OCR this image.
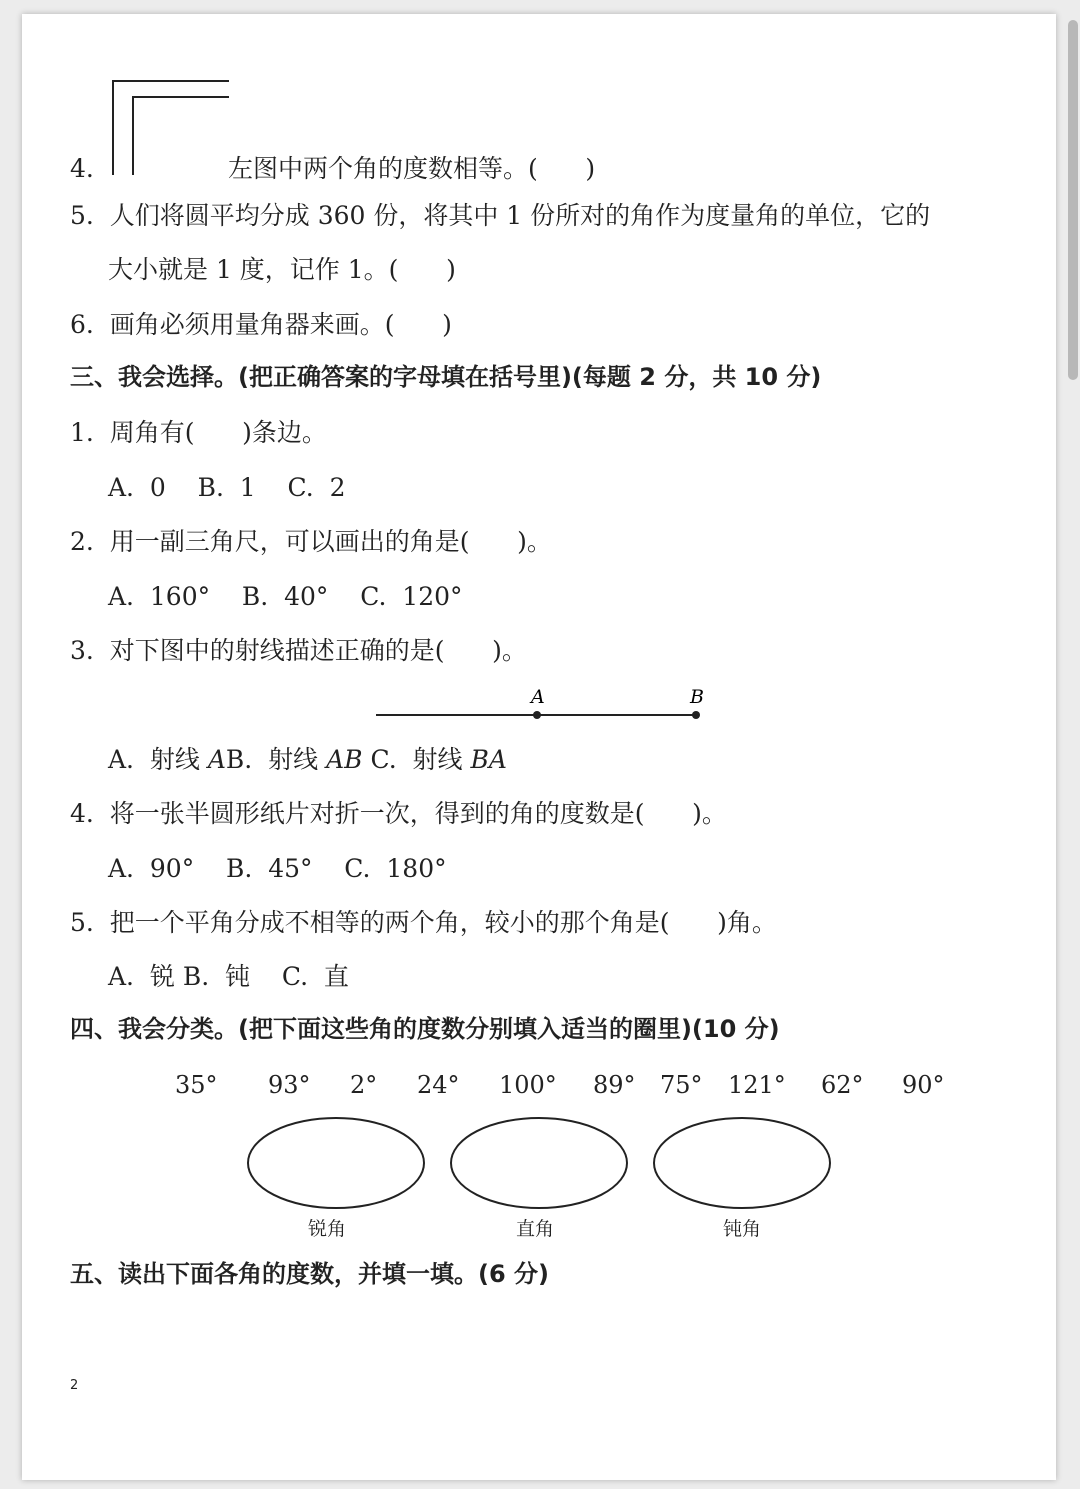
4.	左图中两个角的度数相等。(      )
5.  人们将圆平均分成 360 份，将其中 1 份所对的角作为度量角的单位，它的
大小就是 1 度，记作 1。(      )
6.  画角必须用量角器来画。(      )
三、我会选择。(把正确答案的字母填在括号里)(每题 2 分，共 10 分)
1.  周角有(      )条边。
A.  0    B.  1    C.  2
2.  用一副三角尺，可以画出的角是(      )。
A.  160°    B.  40°    C.  120°
3.  对下图中的射线描述正确的是(      )。
A	B
A.  射线 AB.  射线 AB C.  射线 BA
4.  将一张半圆形纸片对折一次，得到的角的度数是(      )。
A.  90°    B.  45°    C.  180°
5.  把一个平角分成不相等的两个角，较小的那个角是(      )角。
A.  锐 B.  钝    C.  直
四、我会分类。(把下面这些角的度数分别填入适当的圈里)(10 分)
35° 93° 2° 24° 100° 89° 75° 121° 62° 90°
锐角	直角	钝角
五、读出下面各角的度数，并填一填。(6 分)
2
